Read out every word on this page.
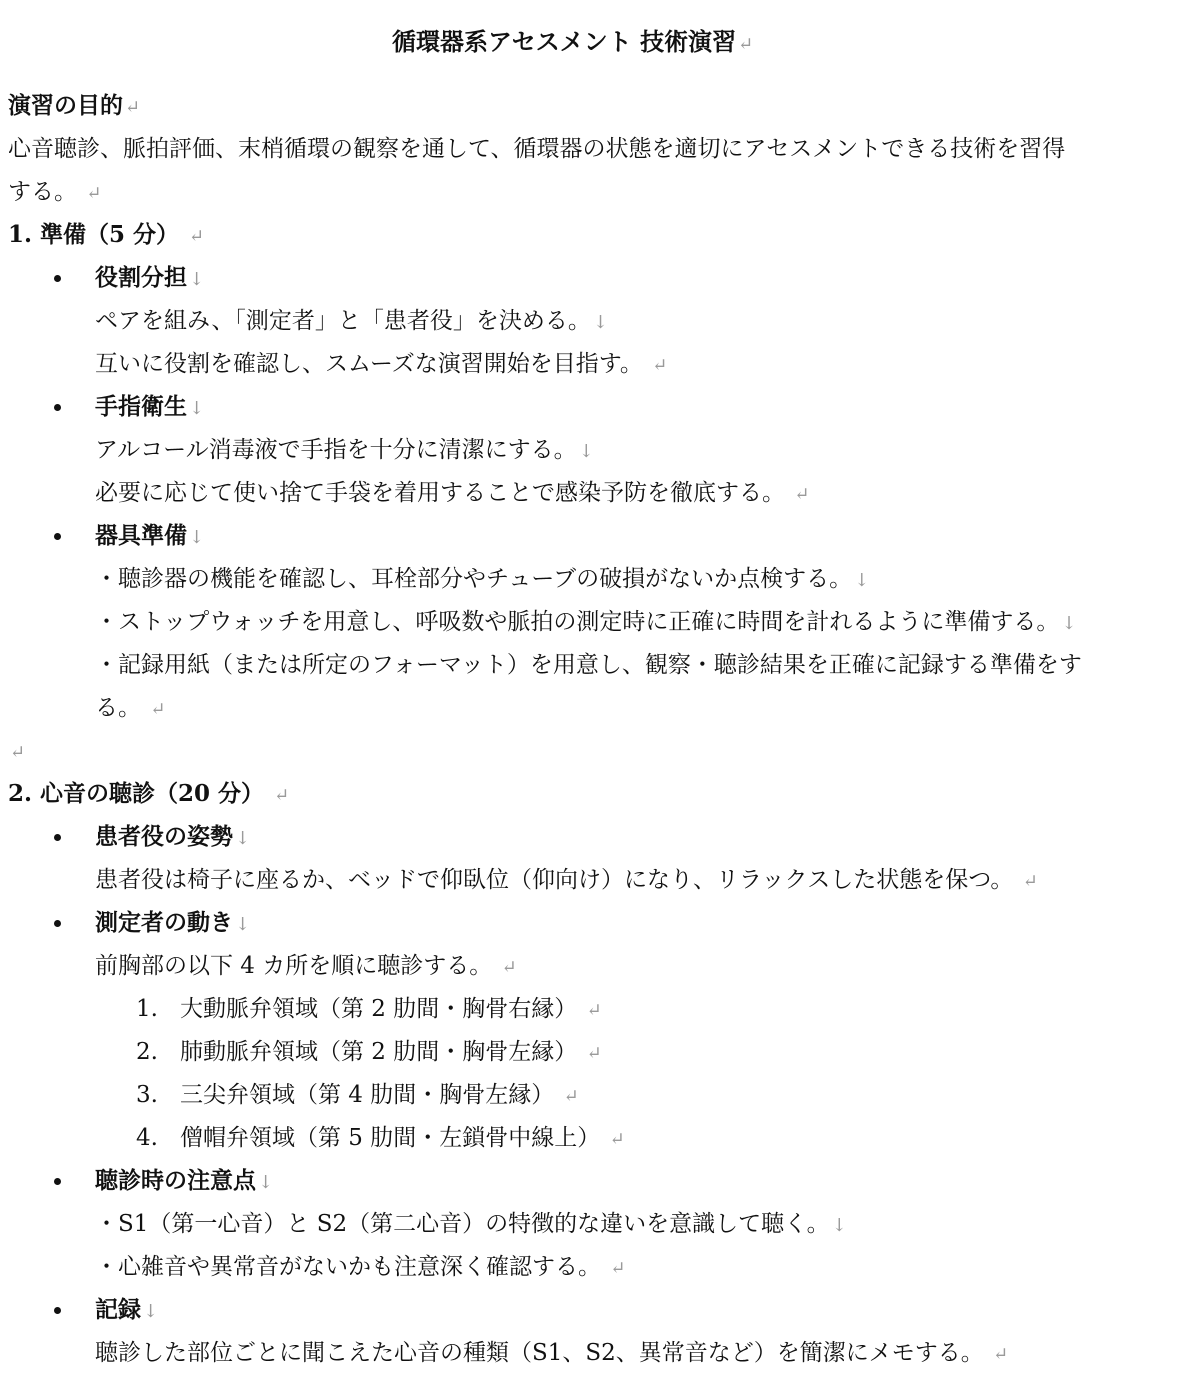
循環器系アセスメント 技術演習 ↵
演習の目的 ↵
心音聴診、脈拍評価、末梢循環の観察を通して、循環器の状態を適切にアセスメントできる技術を習得
する。 ↵
1. 準備（5 分） ↵
役割分担 ↓
ペアを組み、「測定者」と「患者役」を決める。 ↓
互いに役割を確認し、スムーズな演習開始を目指す。 ↵
手指衛生 ↓
アルコール消毒液で手指を十分に清潔にする。 ↓
必要に応じて使い捨て手袋を着用することで感染予防を徹底する。 ↵
器具準備 ↓
・聴診器の機能を確認し、耳栓部分やチューブの破損がないか点検する。 ↓
・ストップウォッチを用意し、呼吸数や脈拍の測定時に正確に時間を計れるように準備する。 ↓
・記録用紙（または所定のフォーマット）を用意し、観察・聴診結果を正確に記録する準備をす
る。 ↵
↵
2. 心音の聴診（20 分） ↵
患者役の姿勢 ↓
患者役は椅子に座るか、ベッドで仰臥位（仰向け）になり、リラックスした状態を保つ。 ↵
測定者の動き ↓
前胸部の以下 4 カ所を順に聴診する。 ↵
1. 大動脈弁領域（第 2 肋間・胸骨右縁） ↵
2. 肺動脈弁領域（第 2 肋間・胸骨左縁） ↵
3. 三尖弁領域（第 4 肋間・胸骨左縁） ↵
4. 僧帽弁領域（第 5 肋間・左鎖骨中線上） ↵
聴診時の注意点 ↓
・S1（第一心音）と S2（第二心音）の特徴的な違いを意識して聴く。 ↓
・心雑音や異常音がないかも注意深く確認する。 ↵
記録 ↓
聴診した部位ごとに聞こえた心音の種類（S1、S2、異常音など）を簡潔にメモする。 ↵
